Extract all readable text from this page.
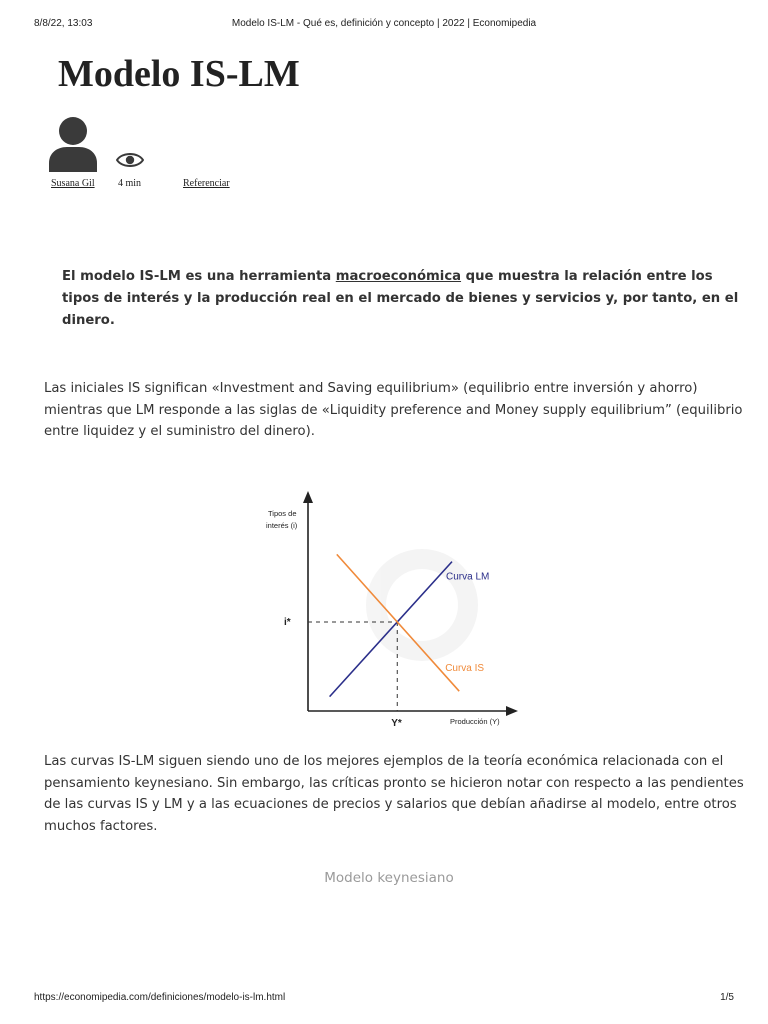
8/8/22, 13:03	Modelo IS-LM - Qué es, definición y concepto | 2022 | Economipedia
Modelo IS-LM
Susana Gil 4 min	Referenciar

El modelo IS-LM es una herramienta macroeconómica que muestra la relación entre los tipos de interés y la producción real en el mercado de bienes y servicios y, por tanto, en el dinero.

Las iniciales IS significan «Investment and Saving equilibrium» (equilibrio entre inversión y ahorro) mientras que LM responde a las siglas de «Liquidity preference and Money supply equilibrium” (equilibrio entre liquidez y el suministro del dinero).

Curva LM
Curva IS
i*
Y*
Tipos de
interés (i)
Producción (Y)

Las curvas IS-LM siguen siendo uno de los mejores ejemplos de la teoría económica relacionada con el pensamiento keynesiano. Sin embargo, las críticas pronto se hicieron notar con respecto a las pendientes de las curvas IS y LM y a las ecuaciones de precios y salarios que debían añadirse al modelo, entre otros muchos factores.

Modelo keynesiano
https://economipedia.com/definiciones/modelo-is-lm.html	1/5
